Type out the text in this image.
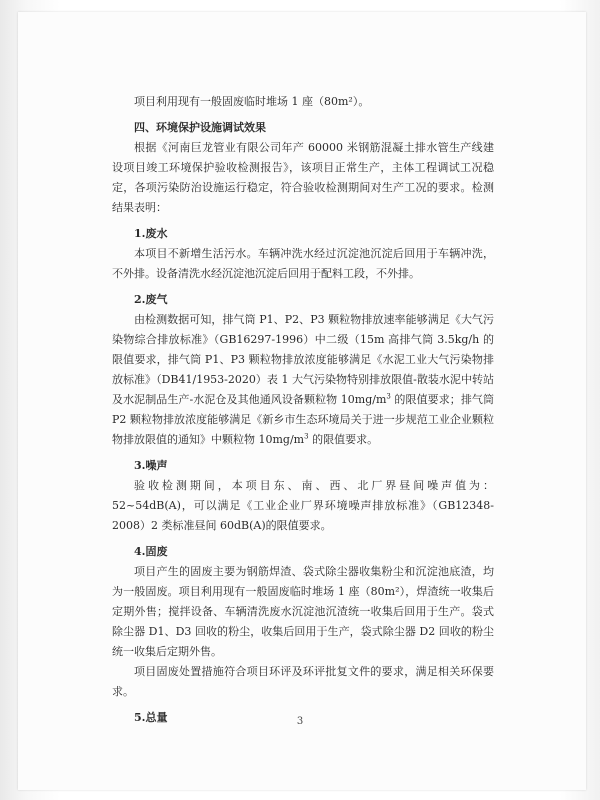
项目利用现有一般固废临时堆场 1 座（80m²）。

四、环境保护设施调试效果

根据《河南巨龙管业有限公司年产 60000 米钢筋混凝土排水管生产线建设项目竣工环境保护验收检测报告》，该项目正常生产，主体工程调试工况稳定，各项污染防治设施运行稳定，符合验收检测期间对生产工况的要求。检测结果表明：

1.废水

本项目不新增生活污水。车辆冲洗水经过沉淀池沉淀后回用于车辆冲洗，不外排。设备清洗水经沉淀池沉淀后回用于配料工段，不外排。

2.废气

由检测数据可知，排气筒 P1、P2、P3 颗粒物排放速率能够满足《大气污染物综合排放标准》（GB16297-1996）中二级（15m 高排气筒 3.5kg/h 的限值要求，排气筒 P1、P3 颗粒物排放浓度能够满足《水泥工业大气污染物排放标准》（DB41/1953-2020）表 1 大气污染物特别排放限值-散装水泥中转站及水泥制品生产-水泥仓及其他通风设备颗粒物 $10mg/m^3$ 的限值要求；排气筒 P2 颗粒物排放浓度能够满足《新乡市生态环境局关于进一步规范工业企业颗粒物排放限值的通知》中颗粒物 $10mg/m^3$ 的限值要求。

3.噪声

验收检测期间，本项目东、南、西、北厂界昼间噪声值为：52~54dB(A)，可以满足《工业企业厂界环境噪声排放标准》（GB12348-2008）2 类标准昼间 60dB(A)的限值要求。

4.固废

项目产生的固废主要为钢筋焊渣、袋式除尘器收集粉尘和沉淀池底渣，均为一般固废。项目利用现有一般固废临时堆场 1 座（80m²），焊渣统一收集后定期外售；搅拌设备、车辆清洗废水沉淀池沉渣统一收集后回用于生产。袋式除尘器 D1、D3 回收的粉尘，收集后回用于生产，袋式除尘器 D2 回收的粉尘统一收集后定期外售。

项目固废处置措施符合项目环评及环评批复文件的要求，满足相关环保要求。

5.总量	3
